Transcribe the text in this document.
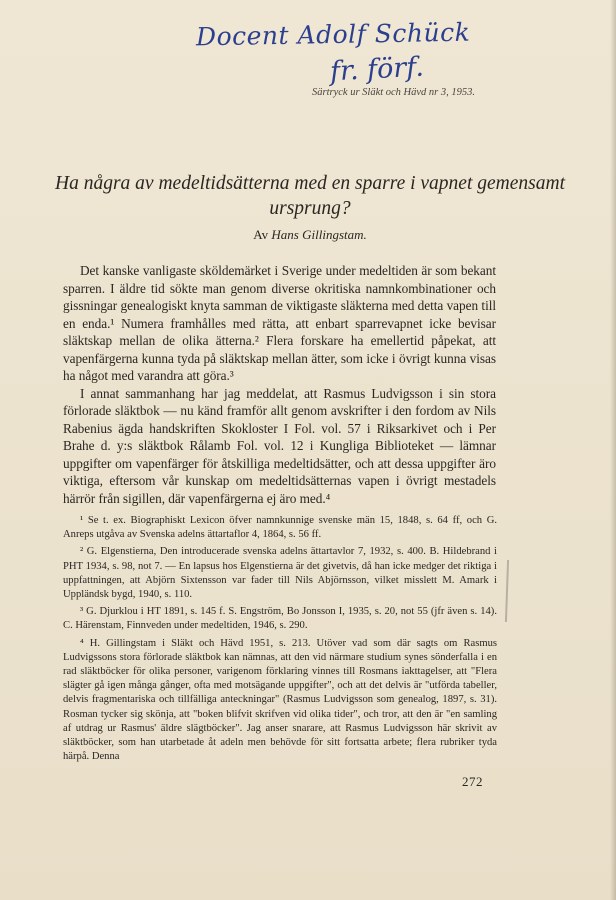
Docent Adolf Schück
fr. förf.
Särtryck ur Släkt och Hävd nr 3, 1953.
Ha några av medeltidsätterna med en sparre i vapnet gemensamt ursprung?
Av Hans Gillingstam.

Det kanske vanligaste sköldemärket i Sverige under medeltiden är som bekant sparren. I äldre tid sökte man genom diverse okritiska namnkombinationer och gissningar genealogiskt knyta samman de viktigaste släkterna med detta vapen till en enda.¹ Numera framhålles med rätta, att enbart sparrevapnet icke bevisar släktskap mellan de olika ätterna.² Flera forskare ha emellertid påpekat, att vapenfärgerna kunna tyda på släktskap mellan ätter, som icke i övrigt kunna visas ha något med varandra att göra.³

I annat sammanhang har jag meddelat, att Rasmus Ludvigsson i sin stora förlorade släktbok — nu känd framför allt genom avskrifter i den fordom av Nils Rabenius ägda handskriften Skokloster I Fol. vol. 57 i Riksarkivet och i Per Brahe d. y:s släktbok Rålamb Fol. vol. 12 i Kungliga Biblioteket — lämnar uppgifter om vapenfärger för åtskilliga medeltidsätter, och att dessa uppgifter äro viktiga, eftersom vår kunskap om medeltidsätternas vapen i övrigt mestadels härrör från sigillen, där vapenfärgerna ej äro med.⁴

¹ Se t. ex. Biographiskt Lexicon öfver namnkunnige svenske män 15, 1848, s. 64 ff, och G. Anreps utgåva av Svenska adelns ättartaflor 4, 1864, s. 56 ff.

² G. Elgenstierna, Den introducerade svenska adelns ättartavlor 7, 1932, s. 400. B. Hildebrand i PHT 1934, s. 98, not 7. — En lapsus hos Elgenstierna är det givetvis, då han icke medger det riktiga i uppfattningen, att Abjörn Sixtensson var fader till Nils Abjörnsson, vilket misslett M. Amark i Uppländsk bygd, 1940, s. 110.

³ G. Djurklou i HT 1891, s. 145 f. S. Engström, Bo Jonsson I, 1935, s. 20, not 55 (jfr även s. 14). C. Härenstam, Finnveden under medeltiden, 1946, s. 290.

⁴ H. Gillingstam i Släkt och Hävd 1951, s. 213. Utöver vad som där sagts om Rasmus Ludvigssons stora förlorade släktbok kan nämnas, att den vid närmare studium synes sönderfalla i en rad släktböcker för olika personer, varigenom förklaring vinnes till Rosmans iakttagelser, att "Flera slägter gå igen många gånger, ofta med motsägande uppgifter", och att det delvis är "utförda tabeller, delvis fragmentariska och tillfälliga anteckningar" (Rasmus Ludvigsson som genealog, 1897, s. 31). Rosman tycker sig skönja, att "boken blifvit skrifven vid olika tider", och tror, att den är "en samling af utdrag ur Rasmus' äldre slägtböcker". Jag anser snarare, att Rasmus Ludvigsson här skrivit av släktböcker, som han utarbetade åt adeln men behövde för sitt fortsatta arbete; flera rubriker tyda härpå. Denna

272
